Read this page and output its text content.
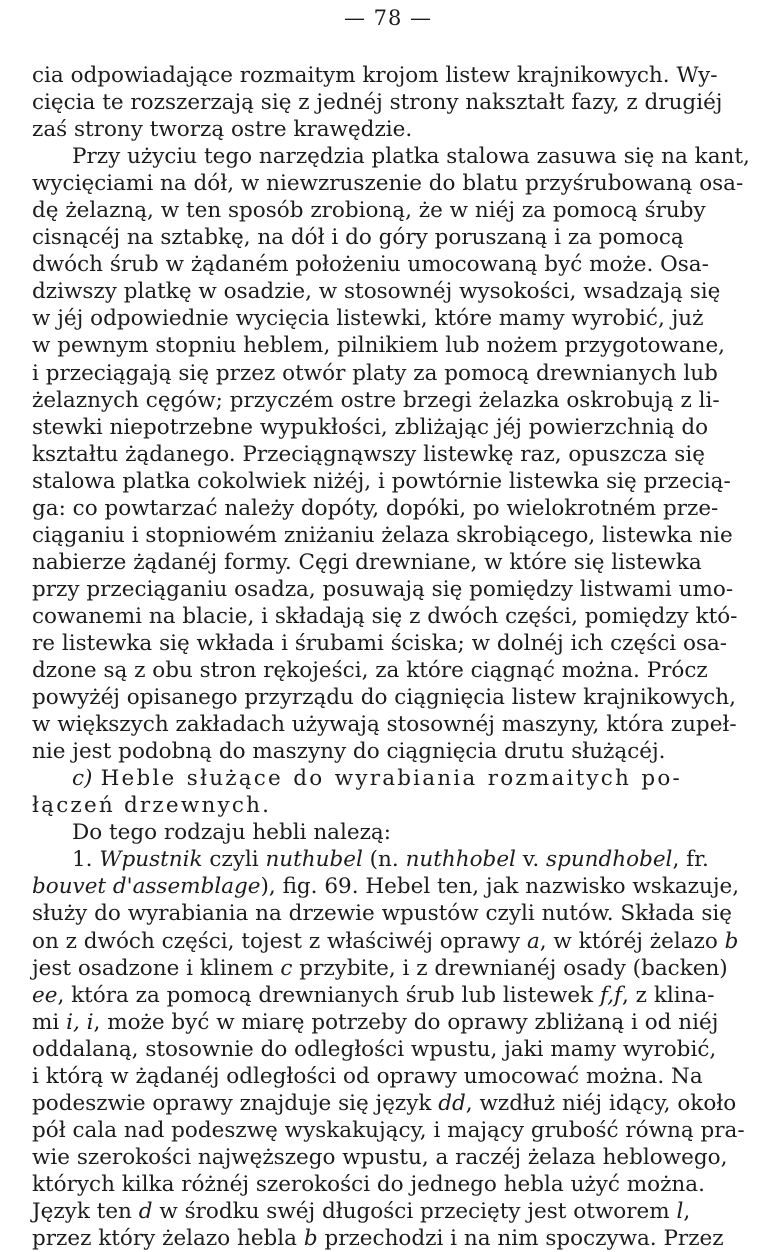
— 78 —
cia odpowiadające rozmaitym krojom listew krajnikowych. Wy-
cięcia te rozszerzają się z jednéj strony nakształt fazy, z drugiéj
zaś strony tworzą ostre krawędzie.
Przy użyciu tego narzędzia platka stalowa zasuwa się na kant,
wycięciami na dół, w niewzruszenie do blatu przyśrubowaną osa-
dę żelazną, w ten sposób zrobioną, że w niéj za pomocą śruby
cisnącéj na sztabkę, na dół i do góry poruszaną i za pomocą
dwóch śrub w żądaném położeniu umocowaną być może. Osa-
dziwszy platkę w osadzie, w stosownéj wysokości, wsadzają się
w jéj odpowiednie wycięcia listewki, które mamy wyrobić, już
w pewnym stopniu heblem, pilnikiem lub nożem przygotowane,
i przeciągają się przez otwór platy za pomocą drewnianych lub
żelaznych cęgów; przyczém ostre brzegi żelazka oskrobują z li-
stewki niepotrzebne wypukłości, zbliżając jéj powierzchnią do
kształtu żądanego. Przeciągnąwszy listewkę raz, opuszcza się
stalowa platka cokolwiek niżéj, i powtórnie listewka się przecią-
ga: co powtarzać należy dopóty, dopóki, po wielokrotném prze-
ciąganiu i stopniowém zniżaniu żelaza skrobiącego, listewka nie
nabierze żądanéj formy. Cęgi drewniane, w które się listewka
przy przeciąganiu osadza, posuwają się pomiędzy listwami umo-
cowanemi na blacie, i składają się z dwóch części, pomiędzy któ-
re listewka się wkłada i śrubami ściska; w dolnéj ich części osa-
dzone są z obu stron rękojeści, za które ciągnąć można. Prócz
powyżéj opisanego przyrządu do ciągnięcia listew krajnikowych,
w większych zakładach używają stosownéj maszyny, która zupeł-
nie jest podobną do maszyny do ciągnięcia drutu służącéj.
c) Heble służące do wyrabiania rozmaitych po-
łączeń drzewnych.
Do tego rodzaju hebli nalezą:
1. Wpustnik czyli nuthubel (n. nuthhobel v. spundhobel, fr.
bouvet d'assemblage), fig. 69. Hebel ten, jak nazwisko wskazuje,
służy do wyrabiania na drzewie wpustów czyli nutów. Składa się
on z dwóch części, tojest z właściwéj oprawy a, w któréj żelazo b
jest osadzone i klinem c przybite, i z drewnianéj osady (backen)
ee, która za pomocą drewnianych śrub lub listewek f,f, z klina-
mi i, i, może być w miarę potrzeby do oprawy zbliżaną i od niéj
oddalaną, stosownie do odległości wpustu, jaki mamy wyrobić,
i którą w żądanéj odległości od oprawy umocować można. Na
podeszwie oprawy znajduje się język dd, wzdłuż niéj idący, około
pół cala nad podeszwę wyskakujący, i mający grubość równą pra-
wie szerokości najwęższego wpustu, a raczéj żelaza heblowego,
których kilka różnéj szerokości do jednego hebla użyć można.
Język ten d w środku swéj długości przecięty jest otworem l,
przez który żelazo hebla b przechodzi i na nim spoczywa. Przez
